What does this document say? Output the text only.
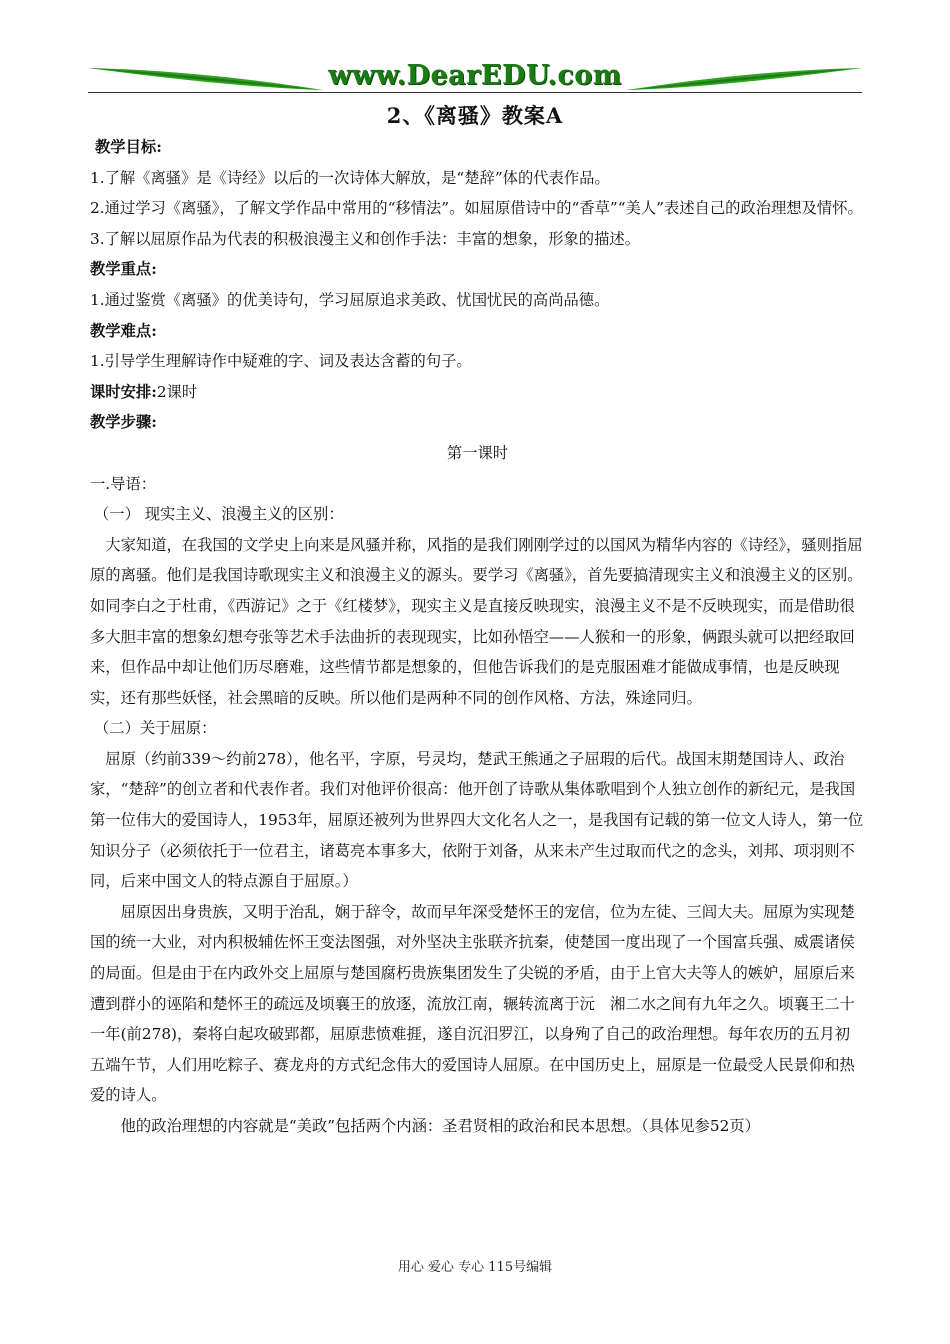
www.DearEDU.com
2、《离骚》教案A

教学目标:

1.了解《离骚》是《诗经》以后的一次诗体大解放，是“楚辞”体的代表作品。

2.通过学习《离骚》，了解文学作品中常用的“移情法”。如屈原借诗中的“香草”“美人”表述自己的政治理想及情怀。

3.了解以屈原作品为代表的积极浪漫主义和创作手法：丰富的想象，形象的描述。

教学重点:

1.通过鉴赏《离骚》的优美诗句，学习屈原追求美政、忧国忧民的高尚品德。

教学难点:

1.引导学生理解诗作中疑难的字、词及表达含蓄的句子。

课时安排:2课时

教学步骤:

第一课时

一.导语：

（一） 现实主义、浪漫主义的区别：

大家知道，在我国的文学史上向来是风骚并称，风指的是我们刚刚学过的以国风为精华内容的《诗经》，骚则指屈原的离骚。他们是我国诗歌现实主义和浪漫主义的源头。要学习《离骚》，首先要搞清现实主义和浪漫主义的区别。如同李白之于杜甫，《西游记》之于《红楼梦》，现实主义是直接反映现实，浪漫主义不是不反映现实，而是借助很多大胆丰富的想象幻想夸张等艺术手法曲折的表现现实，比如孙悟空——人猴和一的形象，俩跟头就可以把经取回来，但作品中却让他们历尽磨难，这些情节都是想象的，但他告诉我们的是克服困难才能做成事情，也是反映现实，还有那些妖怪，社会黑暗的反映。所以他们是两种不同的创作风格、方法，殊途同归。

（二）关于屈原：

屈原（约前339～约前278），他名平，字原，号灵均，楚武王熊通之子屈瑕的后代。战国末期楚国诗人、政治家，“楚辞”的创立者和代表作者。我们对他评价很高：他开创了诗歌从集体歌唱到个人独立创作的新纪元，是我国第一位伟大的爱国诗人，1953年，屈原还被列为世界四大文化名人之一，是我国有记载的第一位文人诗人，第一位知识分子（必须依托于一位君主，诸葛亮本事多大，依附于刘备，从来未产生过取而代之的念头，刘邦、项羽则不同，后来中国文人的特点源自于屈原。）

屈原因出身贵族，又明于治乱，娴于辞令，故而早年深受楚怀王的宠信，位为左徒、三闾大夫。屈原为实现楚国的统一大业，对内积极辅佐怀王变法图强，对外坚决主张联齐抗秦，使楚国一度出现了一个国富兵强、威震诸侯的局面。但是由于在内政外交上屈原与楚国腐朽贵族集团发生了尖锐的矛盾，由于上官大夫等人的嫉妒，屈原后来遭到群小的诬陷和楚怀王的疏远及顷襄王的放逐，流放江南，辗转流离于沅　湘二水之间有九年之久。顷襄王二十一年(前278)，秦将白起攻破郢都，屈原悲愤难捱，遂自沉汨罗江，以身殉了自己的政治理想。每年农历的五月初五端午节，人们用吃粽子、赛龙舟的方式纪念伟大的爱国诗人屈原。在中国历史上，屈原是一位最受人民景仰和热爱的诗人。

他的政治理想的内容就是“美政”包括两个内涵：圣君贤相的政治和民本思想。（具体见参52页）

用心 爱心 专心 115号编辑
